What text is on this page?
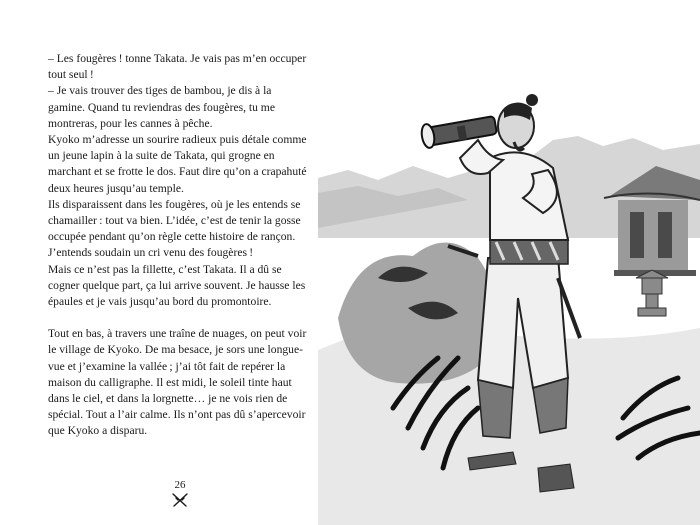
– Les fougères ! tonne Takata. Je vais pas m’en occuper tout seul !

– Je vais trouver des tiges de bambou, je dis à la gamine. Quand tu reviendras des fougères, tu me montreras, pour les cannes à pêche.

Kyoko m’adresse un sourire radieux puis détale comme un jeune lapin à la suite de Takata, qui grogne en marchant et se frotte le dos. Faut dire qu’on a crapahuté deux heures jusqu’au temple.

Ils disparaissent dans les fougères, où je les entends se chamailler : tout va bien. L’idée, c’est de tenir la gosse occupée pendant qu’on règle cette histoire de rançon.

J’entends soudain un cri venu des fougères !

Mais ce n’est pas la fillette, c’est Takata. Il a dû se cogner quelque part, ça lui arrive souvent. Je hausse les épaules et je vais jusqu’au bord du promontoire.

Tout en bas, à travers une traîne de nuages, on peut voir le village de Kyoko. De ma besace, je sors une longue-vue et j’examine la vallée ; j’ai tôt fait de repérer la maison du calligraphe. Il est midi, le soleil tinte haut dans le ciel, et dans la lorgnette… je ne vois rien de spécial. Tout a l’air calme. Ils n’ont pas dû s’apercevoir que Kyoko a disparu.

26
